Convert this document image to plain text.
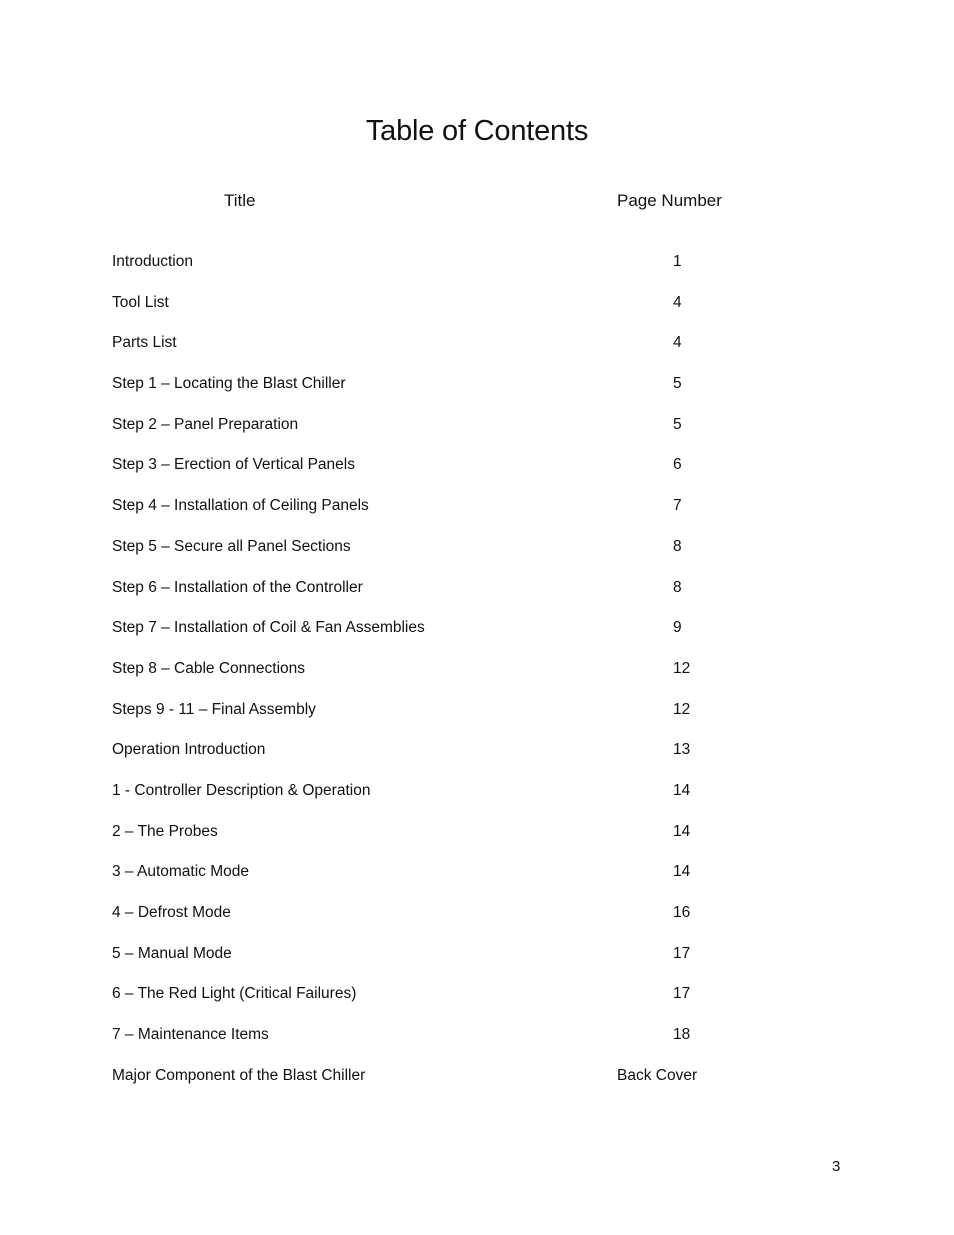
Table of Contents
Title	Page Number
Introduction	1
Tool List	4
Parts List	4
Step 1 – Locating the Blast Chiller	5
Step 2 – Panel Preparation	5
Step 3 – Erection of Vertical Panels	6
Step 4 – Installation of Ceiling Panels	7
Step 5 – Secure all Panel Sections	8
Step 6 – Installation of the Controller	8
Step 7 – Installation of Coil & Fan Assemblies	9
Step 8 – Cable Connections	12
Steps 9 - 11 – Final Assembly	12
Operation Introduction	13
1 - Controller Description & Operation	14
2 – The Probes	14
3 – Automatic Mode	14
4 – Defrost Mode	16
5 – Manual Mode	17
6 – The Red Light (Critical Failures)	17
7 – Maintenance Items	18
Major Component of the Blast Chiller	Back Cover
3
